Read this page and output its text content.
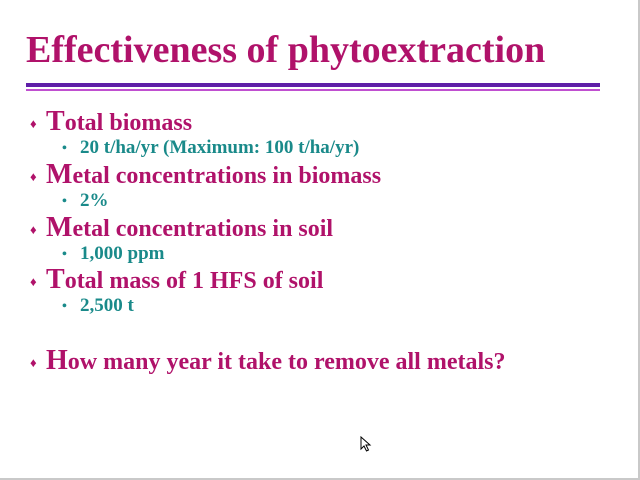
Effectiveness of phytoextraction
♦ Total biomass
• 20 t/ha/yr (Maximum: 100 t/ha/yr)
♦ Metal concentrations in biomass
• 2%
♦ Metal concentrations in soil
• 1,000 ppm
♦ Total mass of 1 HFS of soil
• 2,500 t
♦ How many year it take to remove all metals?
